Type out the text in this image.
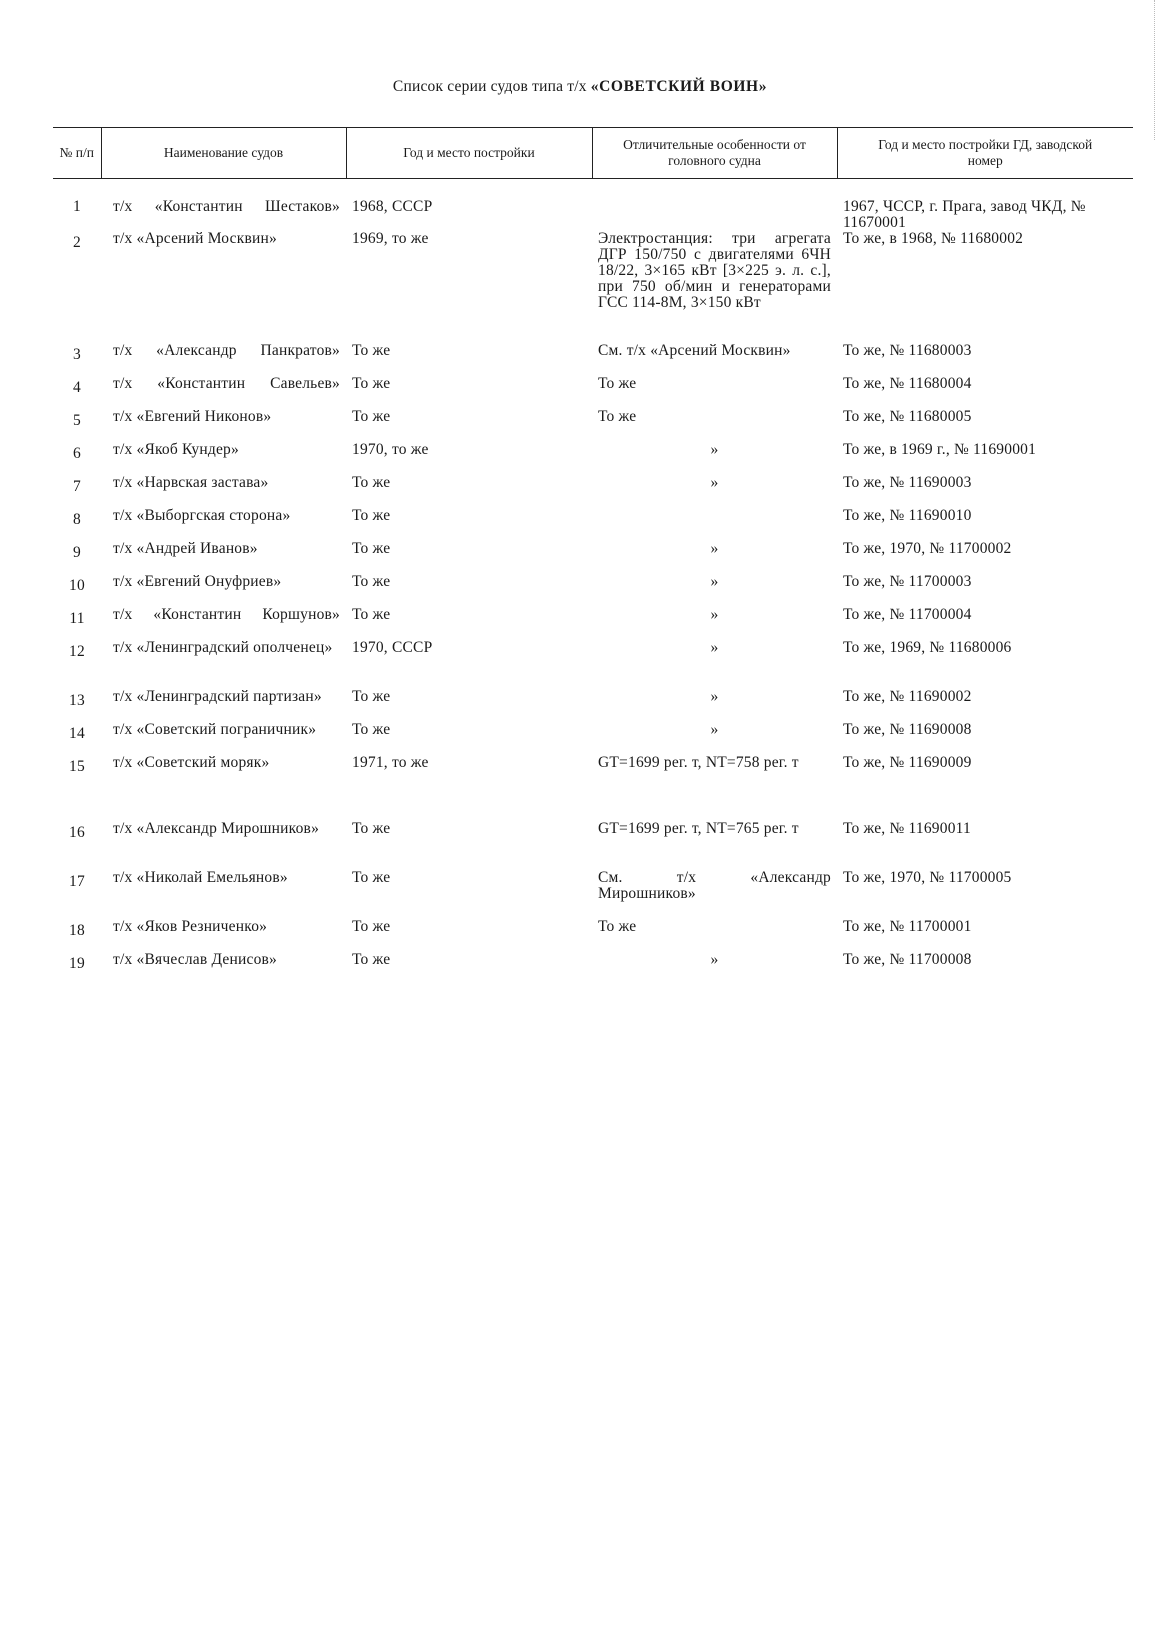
Список серии судов типа т/х «СОВЕТСКИЙ ВОИН»
№ п/п	Наименование судов	Год и место постройки	Отличительные особенности от головного судна	Год и место постройки ГД, заводской номер
1	т/х «Константин Шестаков»	1968, СССР		1967, ЧССР, г. Прага, завод ЧКД, № 11670001
2	т/х «Арсений Москвин»	1969, то же	Электростанция: три агрегата ДГР 150/750 с двигателями 6ЧН 18/22, 3×165 кВт [3×225 э. л. с.], при 750 об/мин и генераторами ГСС 114-8М, 3×150 кВт	То же, в 1968, № 11680002
3	т/х «Александр Панкратов»	То же	См. т/х «Арсений Москвин»	То же, № 11680003
4	т/х «Константин Савельев»	То же	То же	То же, № 11680004
5	т/х «Евгений Никонов»	То же	То же	То же, № 11680005
6	т/х «Якоб Кундер»	1970, то же	»	То же, в 1969 г., № 11690001
7	т/х «Нарвская застава»	То же	»	То же, № 11690003
8	т/х «Выборгская сторона»	То же		То же, № 11690010
9	т/х «Андрей Иванов»	То же	»	То же, 1970, № 11700002
10	т/х «Евгений Онуфриев»	То же	»	То же, № 11700003
11	т/х «Константин Коршунов»	То же	»	То же, № 11700004
12	т/х «Ленинградский ополченец»	1970, СССР	»	То же, 1969, № 11680006
13	т/х «Ленинградский партизан»	То же	»	То же, № 11690002
14	т/х «Советский пограничник»	То же	»	То же, № 11690008
15	т/х «Советский моряк»	1971, то же	GT=1699 рег. т, NT=758 рег. т	То же, № 11690009
16	т/х «Александр Мирошников»	То же	GT=1699 рег. т, NT=765 рег. т	То же, № 11690011
17	т/х «Николай Емельянов»	То же	См. т/х «Александр Мирошников»	То же, 1970, № 11700005
18	т/х «Яков Резниченко»	То же	То же	То же, № 11700001
19	т/х «Вячеслав Денисов»	То же	»	То же, № 11700008
